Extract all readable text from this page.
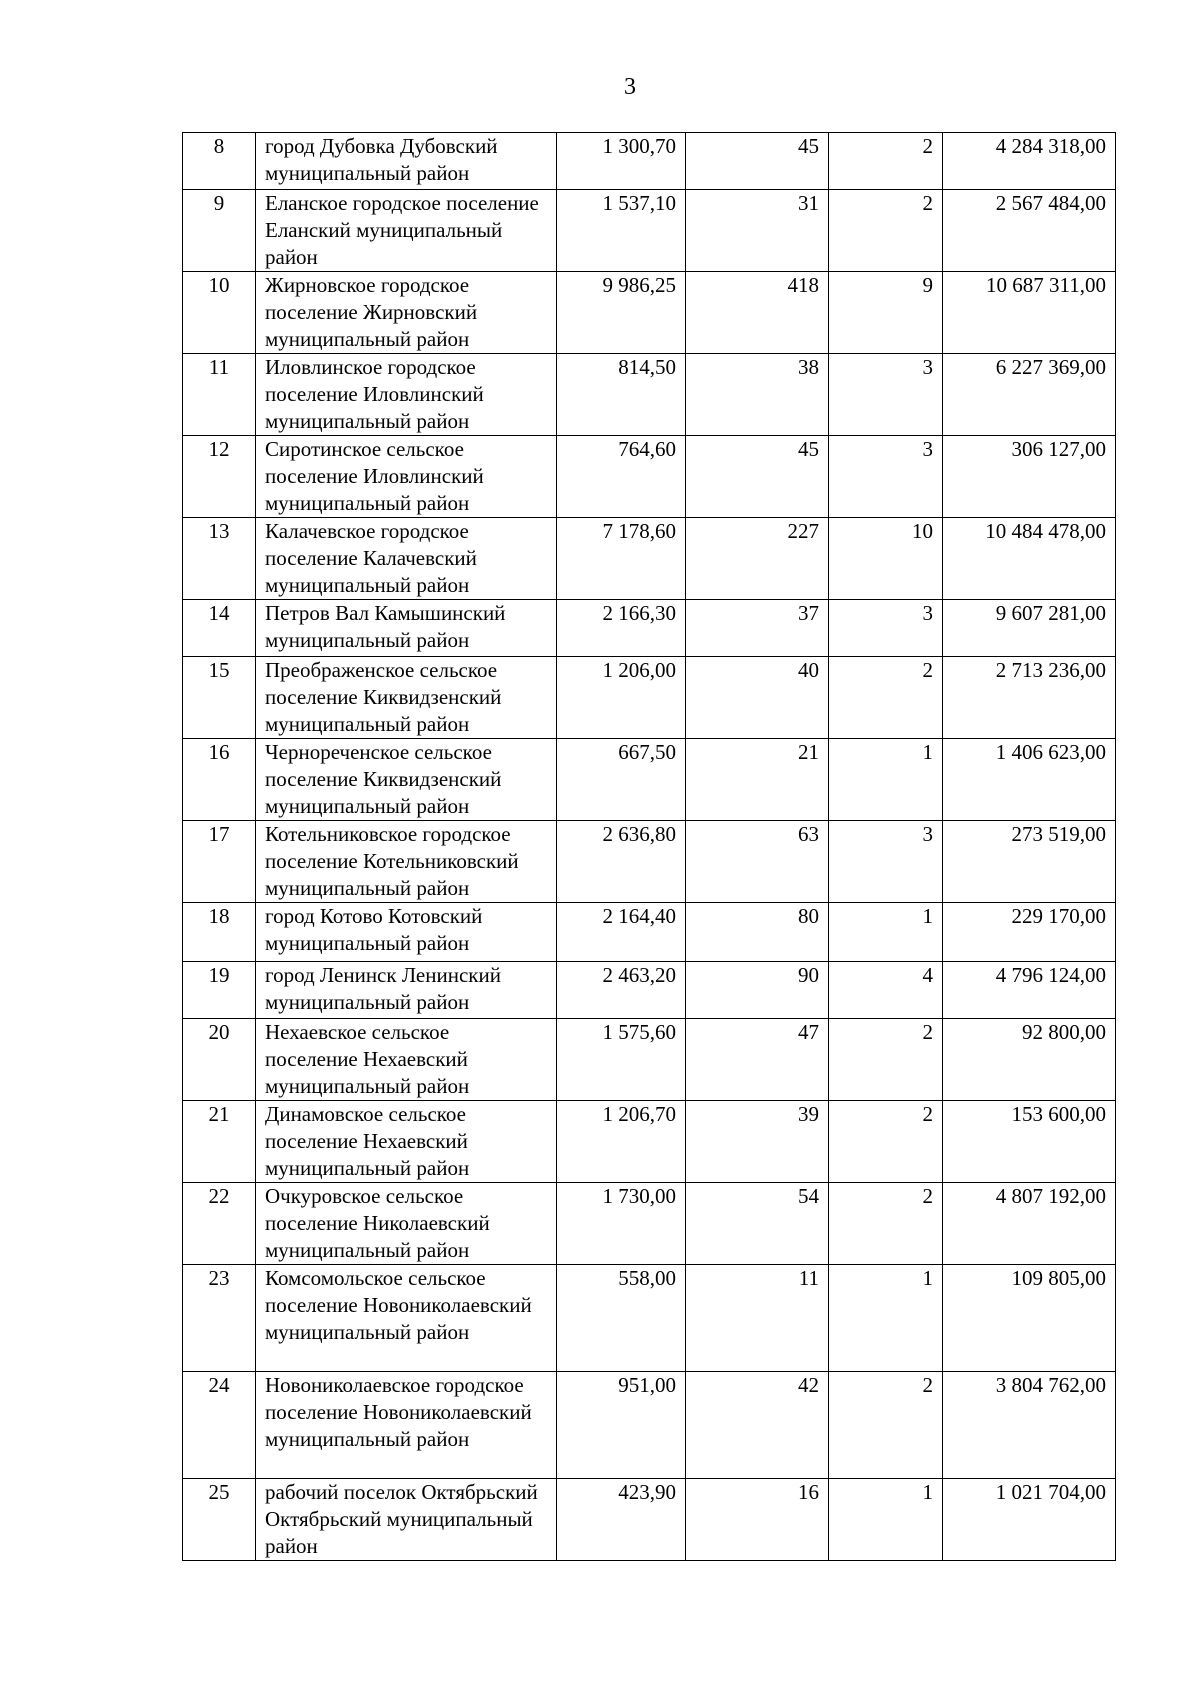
3
8	город Дубовка Дубовский муниципальный район	1 300,70	45	2	4 284 318,00
9	Еланское городское поселение Еланский муниципальный район	1 537,10	31	2	2 567 484,00
10	Жирновское городское поселение Жирновский муниципальный район	9 986,25	418	9	10 687 311,00
11	Иловлинское городское поселение Иловлинский муниципальный район	814,50	38	3	6 227 369,00
12	Сиротинское сельское поселение Иловлинский муниципальный район	764,60	45	3	306 127,00
13	Калачевское городское поселение Калачевский муниципальный район	7 178,60	227	10	10 484 478,00
14	Петров Вал Камышинский муниципальный район	2 166,30	37	3	9 607 281,00
15	Преображенское сельское поселение Киквидзенский муниципальный район	1 206,00	40	2	2 713 236,00
16	Чернореченское сельское поселение Киквидзенский муниципальный район	667,50	21	1	1 406 623,00
17	Котельниковское городское поселение Котельниковский муниципальный район	2 636,80	63	3	273 519,00
18	город Котово Котовский муниципальный район	2 164,40	80	1	229 170,00
19	город Ленинск Ленинский муниципальный район	2 463,20	90	4	4 796 124,00
20	Нехаевское сельское поселение Нехаевский муниципальный район	1 575,60	47	2	92 800,00
21	Динамовское сельское поселение Нехаевский муниципальный район	1 206,70	39	2	153 600,00
22	Очкуровское сельское поселение Николаевский муниципальный район	1 730,00	54	2	4 807 192,00
23	Комсомольское сельское поселение Новониколаевский муниципальный район	558,00	11	1	109 805,00
24	Новониколаевское городское поселение Новониколаевский муниципальный район	951,00	42	2	3 804 762,00
25	рабочий поселок Октябрьский Октябрьский муниципальный район	423,90	16	1	1 021 704,00
